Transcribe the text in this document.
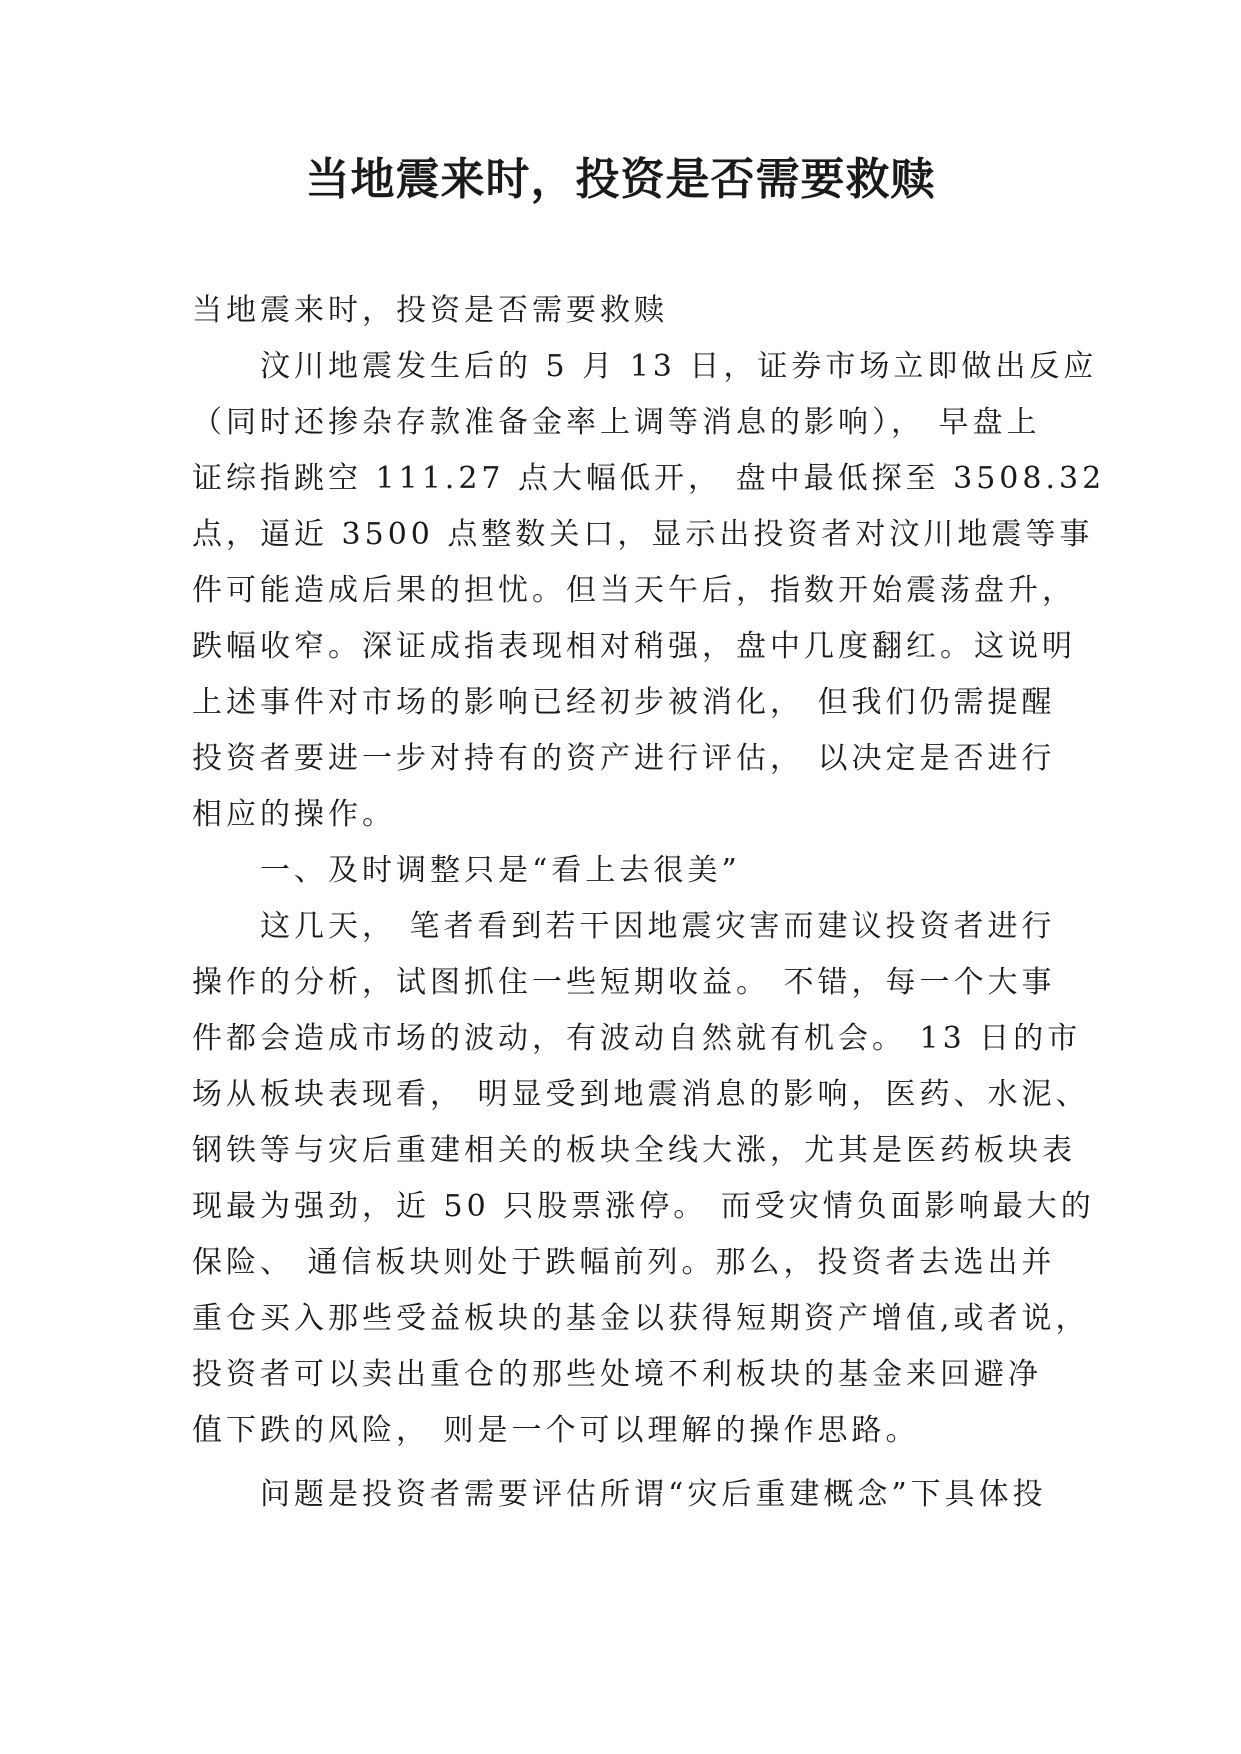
当地震来时，投资是否需要救赎
当地震来时，投资是否需要救赎
　　汶川地震发生后的 5 月 13 日，证券市场立即做出反应
（同时还掺杂存款准备金率上调等消息的影响）， 早盘上
证综指跳空 111.27 点大幅低开， 盘中最低探至 3508.32
点，逼近 3500 点整数关口，显示出投资者对汶川地震等事
件可能造成后果的担忧。但当天午后，指数开始震荡盘升，
跌幅收窄。深证成指表现相对稍强，盘中几度翻红。这说明
上述事件对市场的影响已经初步被消化， 但我们仍需提醒
投资者要进一步对持有的资产进行评估， 以决定是否进行
相应的操作。
　　一、及时调整只是“看上去很美”
　　这几天， 笔者看到若干因地震灾害而建议投资者进行
操作的分析，试图抓住一些短期收益。 不错，每一个大事
件都会造成市场的波动，有波动自然就有机会。 13 日的市
场从板块表现看， 明显受到地震消息的影响，医药、水泥、
钢铁等与灾后重建相关的板块全线大涨，尤其是医药板块表
现最为强劲，近 50 只股票涨停。 而受灾情负面影响最大的
保险、 通信板块则处于跌幅前列。那么，投资者去选出并
重仓买入那些受益板块的基金以获得短期资产增值,或者说，
投资者可以卖出重仓的那些处境不利板块的基金来回避净
值下跌的风险， 则是一个可以理解的操作思路。
　　问题是投资者需要评估所谓“灾后重建概念”下具体投
